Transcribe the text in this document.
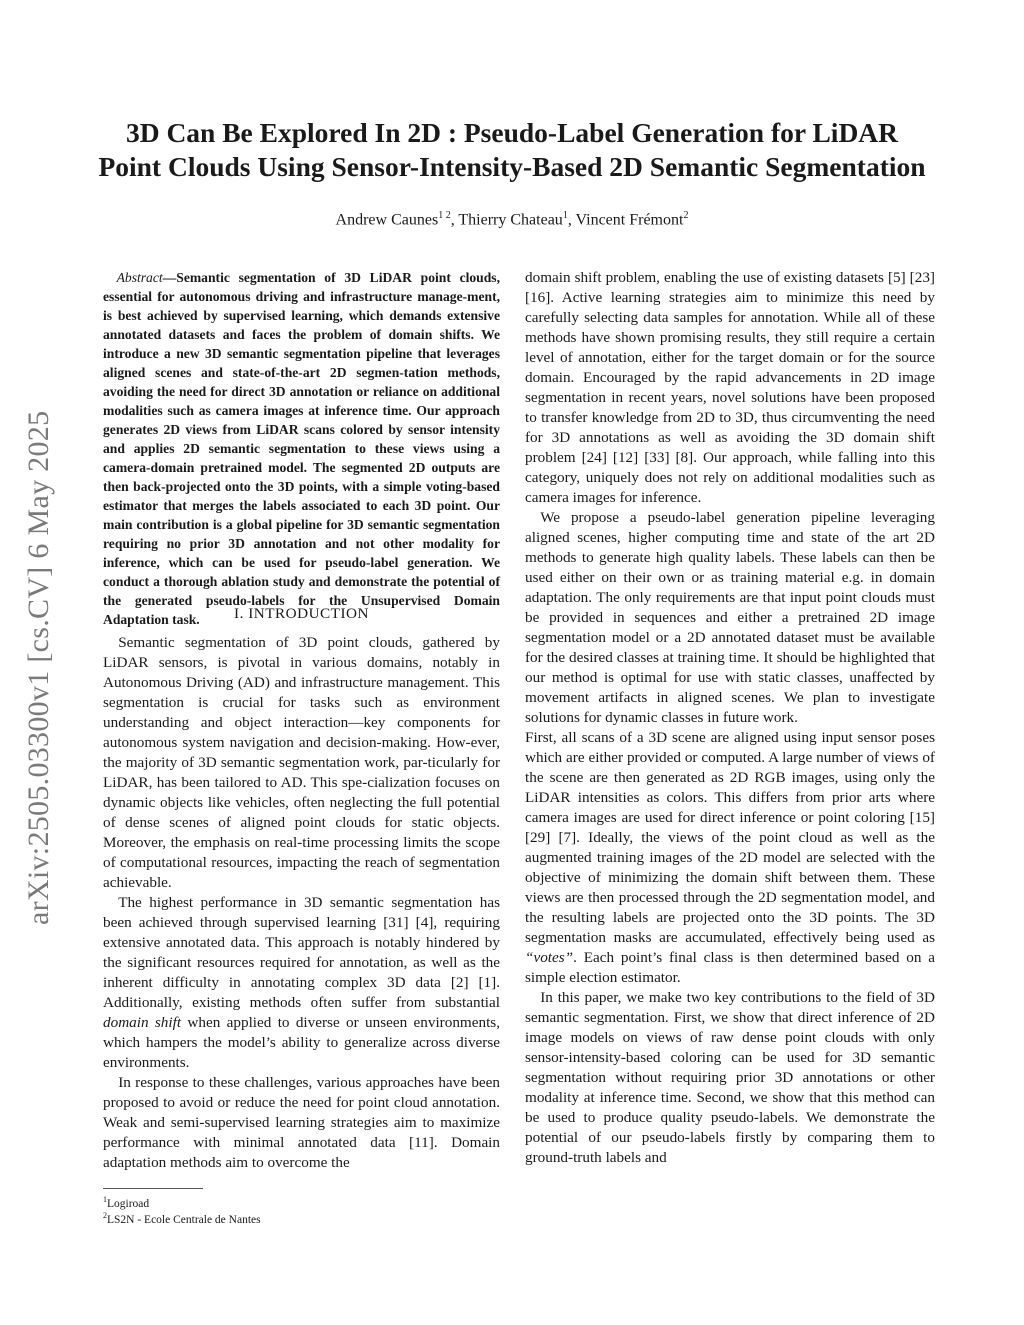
arXiv:2505.03300v1 [cs.CV] 6 May 2025
3D Can Be Explored In 2D : Pseudo-Label Generation for LiDAR
Point Clouds Using Sensor-Intensity-Based 2D Semantic Segmentation
Andrew Caunes$^{1 2}$, Thierry Chateau$^1$, Vincent Frémont$^2$

Abstract—Semantic segmentation of 3D LiDAR point clouds, essential for autonomous driving and infrastructure manage-ment, is best achieved by supervised learning, which demands extensive annotated datasets and faces the problem of domain shifts. We introduce a new 3D semantic segmentation pipeline that leverages aligned scenes and state-of-the-art 2D segmen-tation methods, avoiding the need for direct 3D annotation or reliance on additional modalities such as camera images at inference time. Our approach generates 2D views from LiDAR scans colored by sensor intensity and applies 2D semantic segmentation to these views using a camera-domain pretrained model. The segmented 2D outputs are then back-projected onto the 3D points, with a simple voting-based estimator that merges the labels associated to each 3D point. Our main contribution is a global pipeline for 3D semantic segmentation requiring no prior 3D annotation and not other modality for inference, which can be used for pseudo-label generation. We conduct a thorough ablation study and demonstrate the potential of the generated pseudo-labels for the Unsupervised Domain Adaptation task.	I. INTRODUCTION

Semantic segmentation of 3D point clouds, gathered by LiDAR sensors, is pivotal in various domains, notably in Autonomous Driving (AD) and infrastructure management. This segmentation is crucial for tasks such as environment understanding and object interaction—key components for autonomous system navigation and decision-making. How-ever, the majority of 3D semantic segmentation work, par-ticularly for LiDAR, has been tailored to AD. This spe-cialization focuses on dynamic objects like vehicles, often neglecting the full potential of dense scenes of aligned point clouds for static objects. Moreover, the emphasis on real-time processing limits the scope of computational resources, impacting the reach of segmentation achievable.

The highest performance in 3D semantic segmentation has been achieved through supervised learning [31] [4], requiring extensive annotated data. This approach is notably hindered by the significant resources required for annotation, as well as the inherent difficulty in annotating complex 3D data [2] [1]. Additionally, existing methods often suffer from substantial domain shift when applied to diverse or unseen environments, which hampers the model’s ability to generalize across diverse environments.

In response to these challenges, various approaches have been proposed to avoid or reduce the need for point cloud annotation. Weak and semi-supervised learning strategies aim to maximize performance with minimal annotated data [11]. Domain adaptation methods aim to overcome the

domain shift problem, enabling the use of existing datasets [5] [23] [16]. Active learning strategies aim to minimize this need by carefully selecting data samples for annotation. While all of these methods have shown promising results, they still require a certain level of annotation, either for the target domain or for the source domain. Encouraged by the rapid advancements in 2D image segmentation in recent years, novel solutions have been proposed to transfer knowledge from 2D to 3D, thus circumventing the need for 3D annotations as well as avoiding the 3D domain shift problem [24] [12] [33] [8]. Our approach, while falling into this category, uniquely does not rely on additional modalities such as camera images for inference.

We propose a pseudo-label generation pipeline leveraging aligned scenes, higher computing time and state of the art 2D methods to generate high quality labels. These labels can then be used either on their own or as training material e.g. in domain adaptation. The only requirements are that input point clouds must be provided in sequences and either a pretrained 2D image segmentation model or a 2D annotated dataset must be available for the desired classes at training time. It should be highlighted that our method is optimal for use with static classes, unaffected by movement artifacts in aligned scenes. We plan to investigate solutions for dynamic classes in future work.

First, all scans of a 3D scene are aligned using input sensor poses which are either provided or computed. A large number of views of the scene are then generated as 2D RGB images, using only the LiDAR intensities as colors. This differs from prior arts where camera images are used for direct inference or point coloring [15] [29] [7]. Ideally, the views of the point cloud as well as the augmented training images of the 2D model are selected with the objective of minimizing the domain shift between them. These views are then processed through the 2D segmentation model, and the resulting labels are projected onto the 3D points. The 3D segmentation masks are accumulated, effectively being used as “votes”. Each point’s final class is then determined based on a simple election estimator.

In this paper, we make two key contributions to the field of 3D semantic segmentation. First, we show that direct inference of 2D image models on views of raw dense point clouds with only sensor-intensity-based coloring can be used for 3D semantic segmentation without requiring prior 3D annotations or other modality at inference time. Second, we show that this method can be used to produce quality pseudo-labels. We demonstrate the potential of our pseudo-labels firstly by comparing them to ground-truth labels and

$^1$Logiroad
$^2$LS2N - Ecole Centrale de Nantes
